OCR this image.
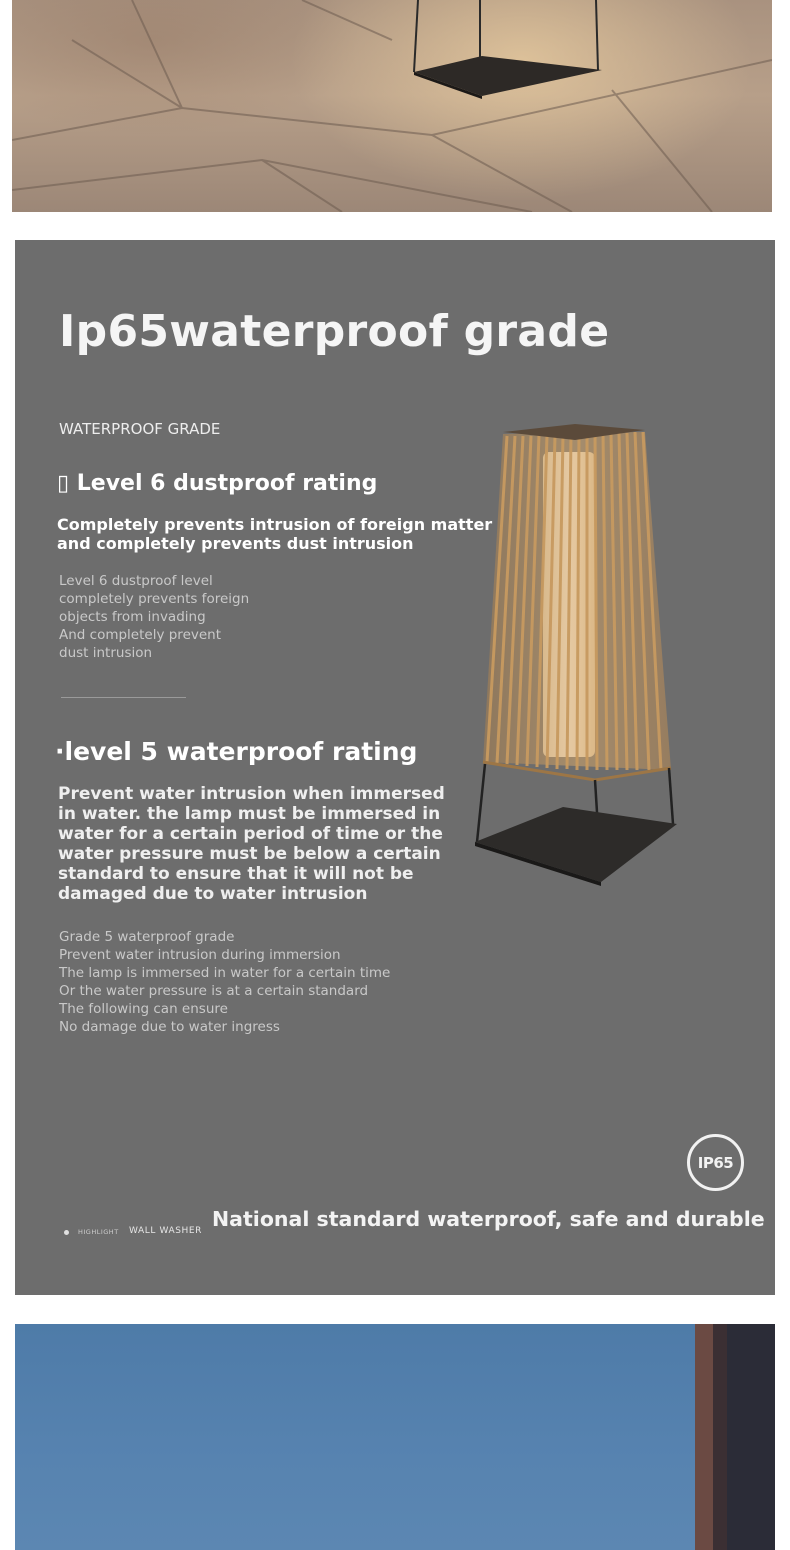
Ip65waterproof grade
WATERPROOF GRADE
▯ Level 6 dustproof rating
Completely prevents intrusion of foreign matter and completely prevents dust intrusion
Level 6 dustproof level
completely prevents foreign
objects from invading
And completely prevent
dust intrusion
·level 5 waterproof rating
Prevent water intrusion when immersed in water. the lamp must be immersed in water for a certain period of time or the water pressure must be below a certain standard to ensure that it will not be damaged due to water intrusion
Grade 5 waterproof grade
Prevent water intrusion during immersion
The lamp is immersed in water for a certain time
Or the water pressure is at a certain standard
The following can ensure
No damage due to water ingress
IP65
HIGHLIGHT WALL WASHER National standard waterproof, safe and durable
